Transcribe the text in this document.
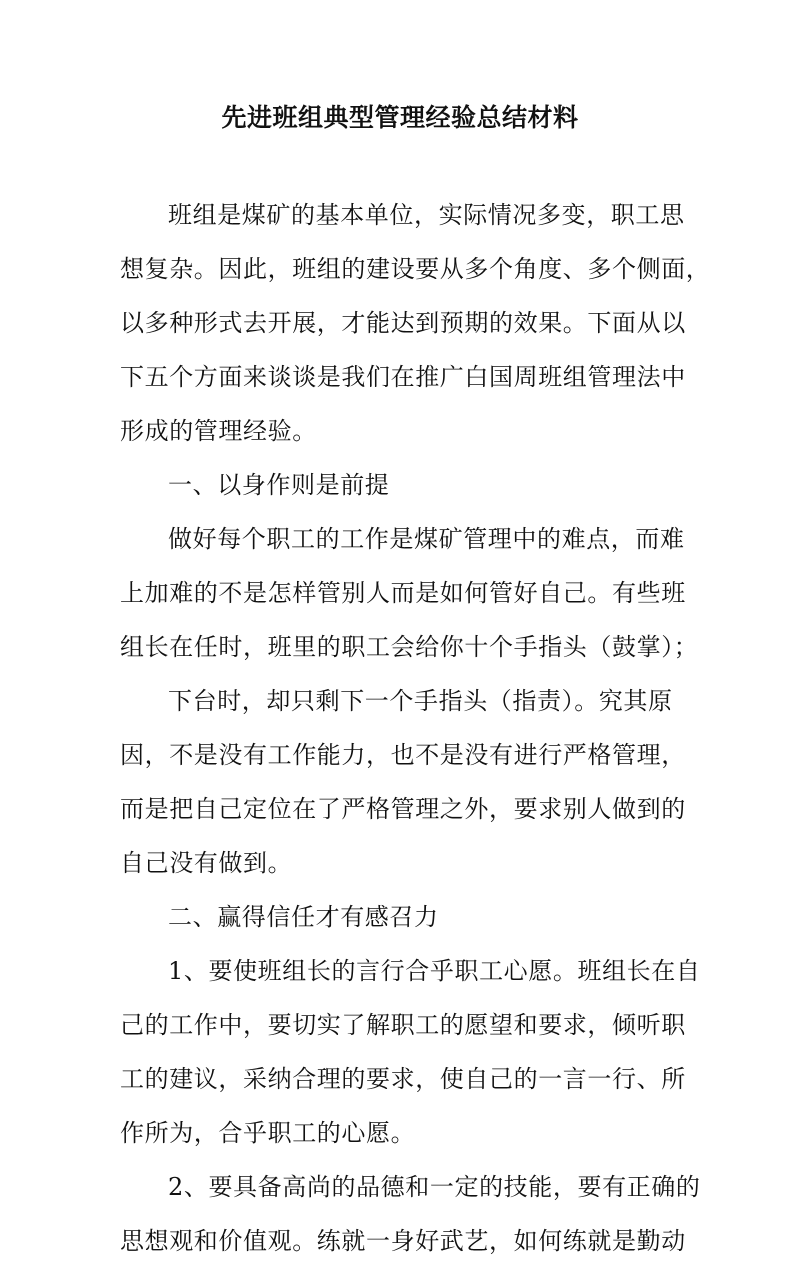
先进班组典型管理经验总结材料
班组是煤矿的基本单位，实际情况多变，职工思
想复杂。因此，班组的建设要从多个角度、多个侧面，
以多种形式去开展，才能达到预期的效果。下面从以
下五个方面来谈谈是我们在推广白国周班组管理法中
形成的管理经验。
一、以身作则是前提
做好每个职工的工作是煤矿管理中的难点，而难
上加难的不是怎样管别人而是如何管好自己。有些班
组长在任时，班里的职工会给你十个手指头（鼓掌）；
下台时，却只剩下一个手指头（指责）。究其原
因，不是没有工作能力，也不是没有进行严格管理，
而是把自己定位在了严格管理之外，要求别人做到的
自己没有做到。
二、赢得信任才有感召力
1、要使班组长的言行合乎职工心愿。班组长在自
己的工作中，要切实了解职工的愿望和要求，倾听职
工的建议，采纳合理的要求，使自己的一言一行、所
作所为，合乎职工的心愿。
2、要具备高尚的品德和一定的技能，要有正确的
思想观和价值观。练就一身好武艺，如何练就是勤动
